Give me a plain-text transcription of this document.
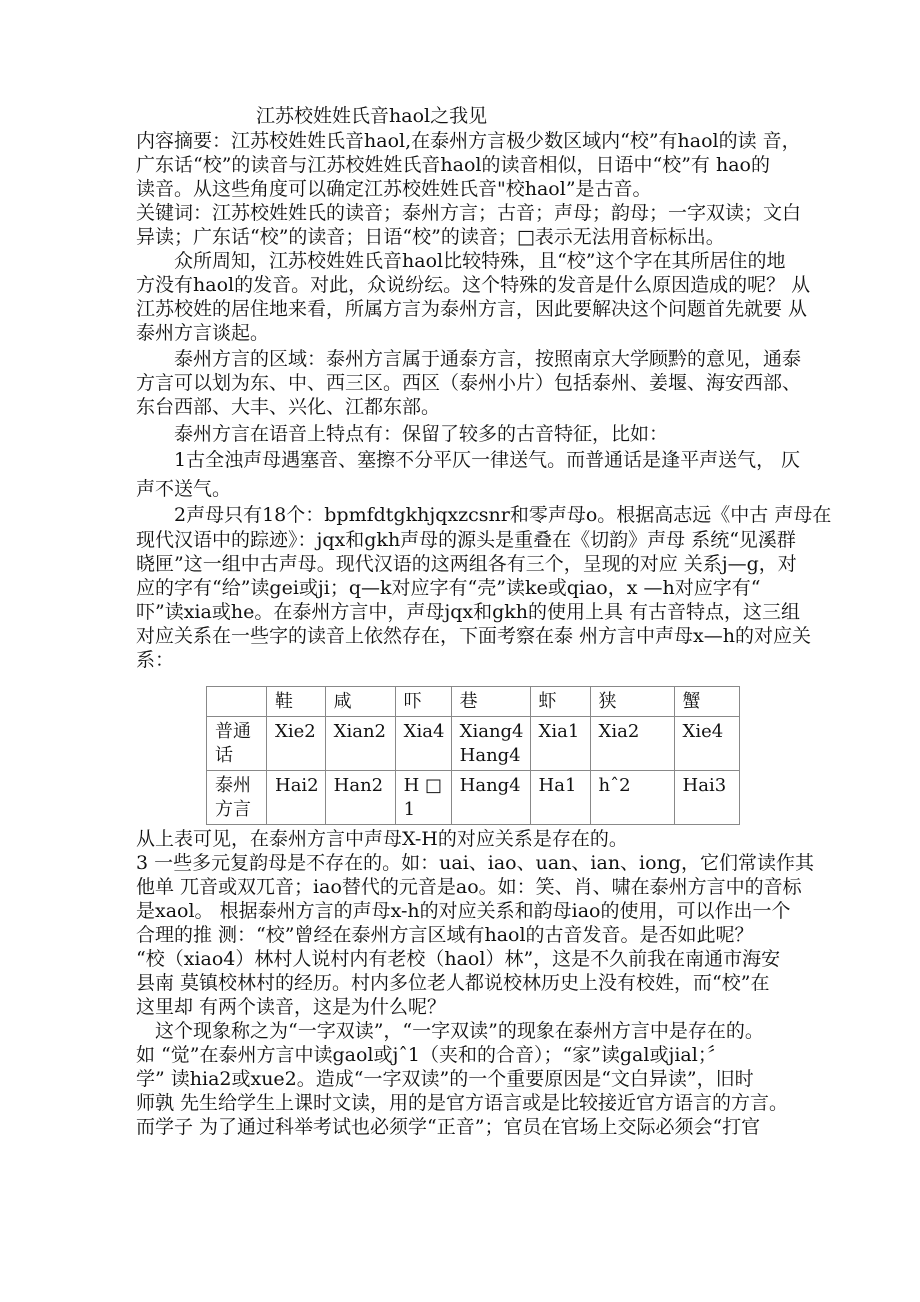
江苏校姓姓氏音haol之我见
内容摘要：江苏校姓姓氏音haol,在泰州方言极少数区域内“校”有haol的读 音，
广东话“校”的读音与江苏校姓姓氏音haol的读音相似，日语中“校”有 hao的
读音。从这些角度可以确定江苏校姓姓氏音"校haol”是古音。
关键词：江苏校姓姓氏的读音；泰州方言；古音；声母；韵母；一字双读；文白
异读；广东话“校”的读音；日语“校”的读音；□表示无法用音标标出。
　　众所周知，江苏校姓姓氏音haol比较特殊，且“校”这个字在其所居住的地
方没有haol的发音。对此，众说纷纭。这个特殊的发音是什么原因造成的呢？ 从
江苏校姓的居住地来看，所属方言为泰州方言，因此要解决这个问题首先就要 从
泰州方言谈起。
　　泰州方言的区域：泰州方言属于通泰方言，按照南京大学顾黔的意见，通泰
方言可以划为东、中、西三区。西区（泰州小片）包括泰州、姜堰、海安西部、
东台西部、大丰、兴化、江都东部。
　　泰州方言在语音上特点有：保留了较多的古音特征，比如：
　　1古全浊声母遇塞音、塞擦不分平仄一律送气。而普通话是逢平声送气， 仄
声不送气。
　　2声母只有18个：bpmfdtgkhjqxzcsnr和零声母o。根据高志远《中古 声母在
现代汉语中的踪迹》：jqx和gkh声母的源头是重叠在《切韵》声母 系统“见溪群
晓匣”这一组中古声母。现代汉语的这两组各有三个，呈现的对应 关系j—g，对
应的字有“给”读gei或ji；q—k对应字有“壳”读ke或qiao，x —h对应字有“
吓”读xia或he。在泰州方言中，声母jqx和gkh的使用上具 有古音特点，这三组
对应关系在一些字的读音上依然存在，下面考察在泰 州方言中声母x—h的对应关
系：
	鞋	咸	吓	巷	虾	狭	蟹
普通话	Xie2	Xian2	Xia4	Xiang4 Hang4	Xia1	Xia2	Xie4
泰州方言	Hai2	Han2	H □ 1	Hang4	Ha1	hˆ2	Hai3
从上表可见，在泰州方言中声母X-H的对应关系是存在的。
3 一些多元复韵母是不存在的。如：uai、iao、uan、ian、iong，它们常读作其
他单 兀音或双兀音；iao替代的元音是ao。如：笑、肖、啸在泰州方言中的音标
是xaol。 根据泰州方言的声母x-h的对应关系和韵母iao的使用，可以作出一个
合理的推 测：“校”曾经在泰州方言区域有haol的古音发音。是否如此呢？
“校（xiao4）林村人说村内有老校（haol）林”，这是不久前我在南通市海安
县南 莫镇校林村的经历。村内多位老人都说校林历史上没有校姓，而“校”在
这里却 有两个读音，这是为什么呢？
　这个现象称之为“一字双读”，“一字双读”的现象在泰州方言中是存在的。
如 “觉”在泰州方言中读gaol或jˆ1（夹和的合音）；“家”读gal或jial；〞
学” 读hia2或xue2。造成“一字双读”的一个重要原因是“文白异读”，旧时
师孰 先生给学生上课时文读，用的是官方语言或是比较接近官方语言的方言。
而学子 为了通过科举考试也必须学“正音”；官员在官场上交际必须会“打官
